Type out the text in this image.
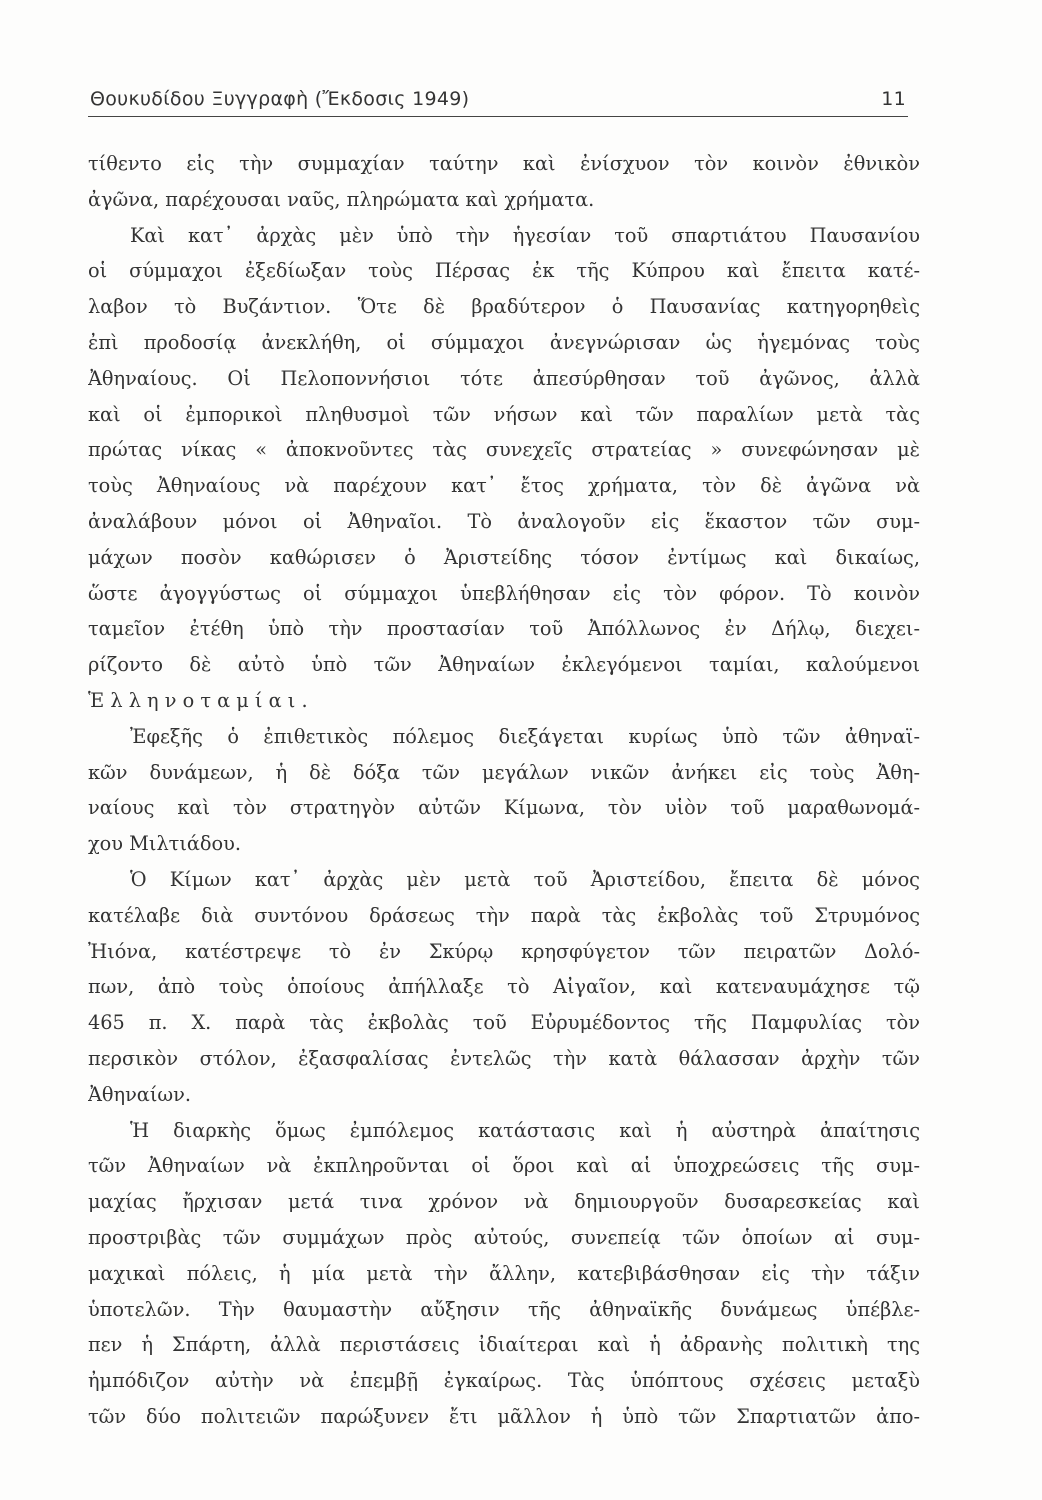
Θουκυδίδου Ξυγγραφὴ (Ἔκδοσις 1949)	11
τίθεντο εἰς τὴν συμμαχίαν ταύτην καὶ ἐνίσχυον τὸν κοινὸν ἐθνικὸν
ἀγῶνα, παρέχουσαι ναῦς, πληρώματα καὶ χρήματα.
Καὶ κατ᾽ ἀρχὰς μὲν ὑπὸ τὴν ἡγεσίαν τοῦ σπαρτιάτου Παυσανίου
οἱ σύμμαχοι ἐξεδίωξαν τοὺς Πέρσας ἐκ τῆς Κύπρου καὶ ἔπειτα κατέ-
λαβον τὸ Βυζάντιον. Ὅτε δὲ βραδύτερον ὁ Παυσανίας κατηγορηθεὶς
ἐπὶ προδοσίᾳ ἀνεκλήθη, οἱ σύμμαχοι ἀνεγνώρισαν ὡς ἡγεμόνας τοὺς
Ἀθηναίους. Οἱ Πελοποννήσιοι τότε ἀπεσύρθησαν τοῦ ἀγῶνος, ἀλλὰ
καὶ οἱ ἐμπορικοὶ πληθυσμοὶ τῶν νήσων καὶ τῶν παραλίων μετὰ τὰς
πρώτας νίκας « ἀποκνοῦντες τὰς συνεχεῖς στρατείας » συνεφώνησαν μὲ
τοὺς Ἀθηναίους νὰ παρέχουν κατ᾽ ἔτος χρήματα, τὸν δὲ ἀγῶνα νὰ
ἀναλάβουν μόνοι οἱ Ἀθηναῖοι. Τὸ ἀναλογοῦν εἰς ἕκαστον τῶν συμ-
μάχων ποσὸν καθώρισεν ὁ Ἀριστείδης τόσον ἐντίμως καὶ δικαίως,
ὥστε ἀγογγύστως οἱ σύμμαχοι ὑπεβλήθησαν εἰς τὸν φόρον. Τὸ κοινὸν
ταμεῖον ἐτέθη ὑπὸ τὴν προστασίαν τοῦ Ἀπόλλωνος ἐν Δήλῳ, διεχει-
ρίζοντο δὲ αὐτὸ ὑπὸ τῶν Ἀθηναίων ἐκλεγόμενοι ταμίαι, καλούμενοι
Ἑ λ λ η ν ο τ α μ ί α ι .
Ἐφεξῆς ὁ ἐπιθετικὸς πόλεμος διεξάγεται κυρίως ὑπὸ τῶν ἀθηναϊ-
κῶν δυνάμεων, ἡ δὲ δόξα τῶν μεγάλων νικῶν ἀνήκει εἰς τοὺς Ἀθη-
ναίους καὶ τὸν στρατηγὸν αὐτῶν Κίμωνα, τὸν υἱὸν τοῦ μαραθωνομά-
χου Μιλτιάδου.
Ὁ Κίμων κατ᾽ ἀρχὰς μὲν μετὰ τοῦ Ἀριστείδου, ἔπειτα δὲ μόνος
κατέλαβε διὰ συντόνου δράσεως τὴν παρὰ τὰς ἐκβολὰς τοῦ Στρυμόνος
Ἠιόνα, κατέστρεψε τὸ ἐν Σκύρῳ κρησφύγετον τῶν πειρατῶν Δολό-
πων, ἀπὸ τοὺς ὁποίους ἀπήλλαξε τὸ Αἰγαῖον, καὶ κατεναυμάχησε τῷ
465 π. Χ. παρὰ τὰς ἐκβολὰς τοῦ Εὐρυμέδοντος τῆς Παμφυλίας τὸν
περσικὸν στόλον, ἐξασφαλίσας ἐντελῶς τὴν κατὰ θάλασσαν ἀρχὴν τῶν
Ἀθηναίων.
Ἡ διαρκὴς ὅμως ἐμπόλεμος κατάστασις καὶ ἡ αὐστηρὰ ἀπαίτησις
τῶν Ἀθηναίων νὰ ἐκπληροῦνται οἱ ὅροι καὶ αἱ ὑποχρεώσεις τῆς συμ-
μαχίας ἤρχισαν μετά τινα χρόνον νὰ δημιουργοῦν δυσαρεσκείας καὶ
προστριβὰς τῶν συμμάχων πρὸς αὐτούς, συνεπείᾳ τῶν ὁποίων αἱ συμ-
μαχικαὶ πόλεις, ἡ μία μετὰ τὴν ἄλλην, κατεβιβάσθησαν εἰς τὴν τάξιν
ὑποτελῶν. Τὴν θαυμαστὴν αὔξησιν τῆς ἀθηναϊκῆς δυνάμεως ὑπέβλε-
πεν ἡ Σπάρτη, ἀλλὰ περιστάσεις ἰδιαίτεραι καὶ ἡ ἀδρανὴς πολιτικὴ της
ἠμπόδιζον αὐτὴν νὰ ἐπεμβῇ ἐγκαίρως. Τὰς ὑπόπτους σχέσεις μεταξὺ
τῶν δύο πολιτειῶν παρώξυνεν ἔτι μᾶλλον ἡ ὑπὸ τῶν Σπαρτιατῶν ἀπο-
